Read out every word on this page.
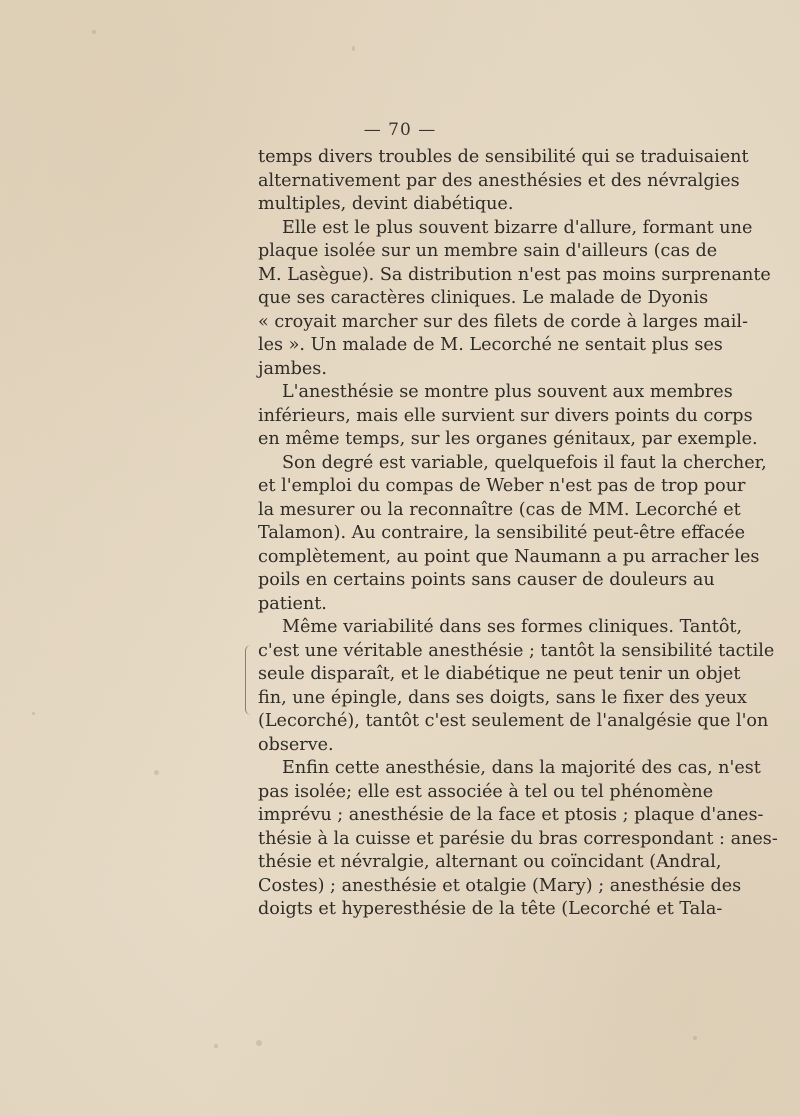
— 70 —
temps divers troubles de sensibilité qui se traduisaient
alternativement par des anesthésies et des névralgies
multiples, devint diabétique.
Elle est le plus souvent bizarre d'allure, formant une
plaque isolée sur un membre sain d'ailleurs (cas de
M. Lasègue). Sa distribution n'est pas moins surprenante
que ses caractères cliniques. Le malade de Dyonis
« croyait marcher sur des filets de corde à larges mail-
les ». Un malade de M. Lecorché ne sentait plus ses
jambes.
L'anesthésie se montre plus souvent aux membres
inférieurs, mais elle survient sur divers points du corps
en même temps, sur les organes génitaux, par exemple.
Son degré est variable, quelquefois il faut la chercher,
et l'emploi du compas de Weber n'est pas de trop pour
la mesurer ou la reconnaître (cas de MM. Lecorché et
Talamon). Au contraire, la sensibilité peut-être effacée
complètement, au point que Naumann a pu arracher les
poils en certains points sans causer de douleurs au
patient.
Même variabilité dans ses formes cliniques. Tantôt,
c'est une véritable anesthésie ; tantôt la sensibilité tactile
seule disparaît, et le diabétique ne peut tenir un objet
fin, une épingle, dans ses doigts, sans le fixer des yeux
(Lecorché), tantôt c'est seulement de l'analgésie que l'on
observe.
Enfin cette anesthésie, dans la majorité des cas, n'est
pas isolée; elle est associée à tel ou tel phénomène
imprévu ; anesthésie de la face et ptosis ; plaque d'anes-
thésie à la cuisse et parésie du bras correspondant : anes-
thésie et névralgie, alternant ou coïncidant (Andral,
Costes) ; anesthésie et otalgie (Mary) ; anesthésie des
doigts et hyperesthésie de la tête (Lecorché et Tala-
